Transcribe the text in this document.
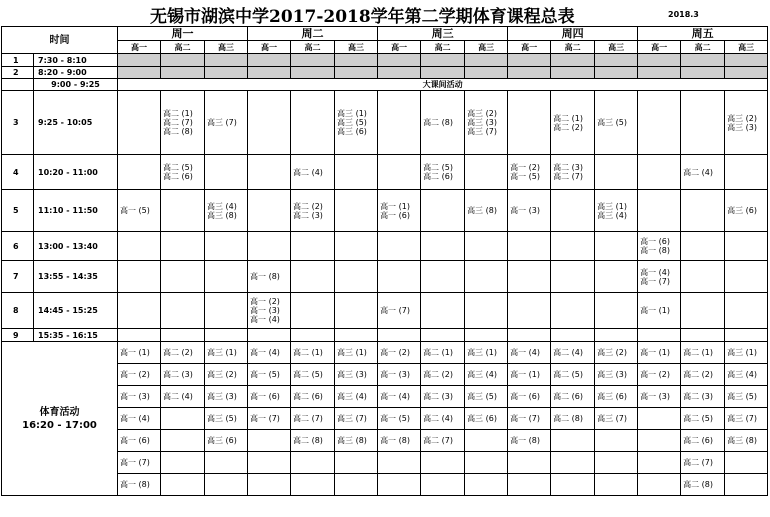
无锡市湖滨中学2017-2018学年第二学期体育课程总表	2018.3
时间		周一			周二			周三			周四			周五		
		高一	高二	高三	高一	高二	高三	高一	高二	高三	高一	高二	高三	高一	高二	高三
1	7:30 - 8:10															
2	8:20 - 9:00															
	9:00 - 9:25	大课间活动														
3	9:25 - 10:05		高二 (1)
高二 (7)
高二 (8)	高三 (7)			高三 (1)
高三 (5)
高三 (6)		高二 (8)	高三 (2)
高三 (3)
高三 (7)		高二 (1)
高二 (2)	高三 (5)			高三 (2)
高三 (3)
4	10:20 - 11:00		高二 (5)
高二 (6)			高二 (4)			高二 (5)
高二 (6)		高一 (2)
高一 (5)	高二 (3)
高二 (7)			高二 (4)	
5	11:10 - 11:50	高一 (5)		高三 (4)
高三 (8)		高二 (2)
高二 (3)		高一 (1)
高一 (6)		高三 (8)	高一 (3)		高三 (1)
高三 (4)			高三 (6)
6	13:00 - 13:40													高一 (6)
高一 (8)		
7	13:55 - 14:35				高一 (8)									高一 (4)
高一 (7)		
8	14:45 - 15:25				高一 (2)
高一 (3)
高一 (4)			高一 (7)						高一 (1)		
9	15:35 - 16:15															

体育活动
16:20 - 17:00		高一 (1)	高二 (2)	高三 (1)	高一 (4)	高二 (1)	高三 (1)	高一 (2)	高二 (1)	高三 (1)	高一 (4)	高二 (4)	高三 (2)	高一 (1)	高二 (1)	高三 (1)
		高一 (2)	高二 (3)	高三 (2)	高一 (5)	高二 (5)	高三 (3)	高一 (3)	高二 (2)	高三 (4)	高一 (1)	高二 (5)	高三 (3)	高一 (2)	高二 (2)	高三 (4)
		高一 (3)	高二 (4)	高三 (3)	高一 (6)	高二 (6)	高三 (4)	高一 (4)	高二 (3)	高三 (5)	高一 (6)	高二 (6)	高三 (6)	高一 (3)	高二 (3)	高三 (5)
		高一 (4)		高三 (5)	高一 (7)	高二 (7)	高三 (7)	高一 (5)	高二 (4)	高三 (6)	高一 (7)	高二 (8)	高三 (7)		高二 (5)	高三 (7)
		高一 (6)		高三 (6)		高二 (8)	高三 (8)	高一 (8)	高二 (7)		高一 (8)				高二 (6)	高三 (8)
		高一 (7)													高二 (7)	
		高一 (8)													高二 (8)	
